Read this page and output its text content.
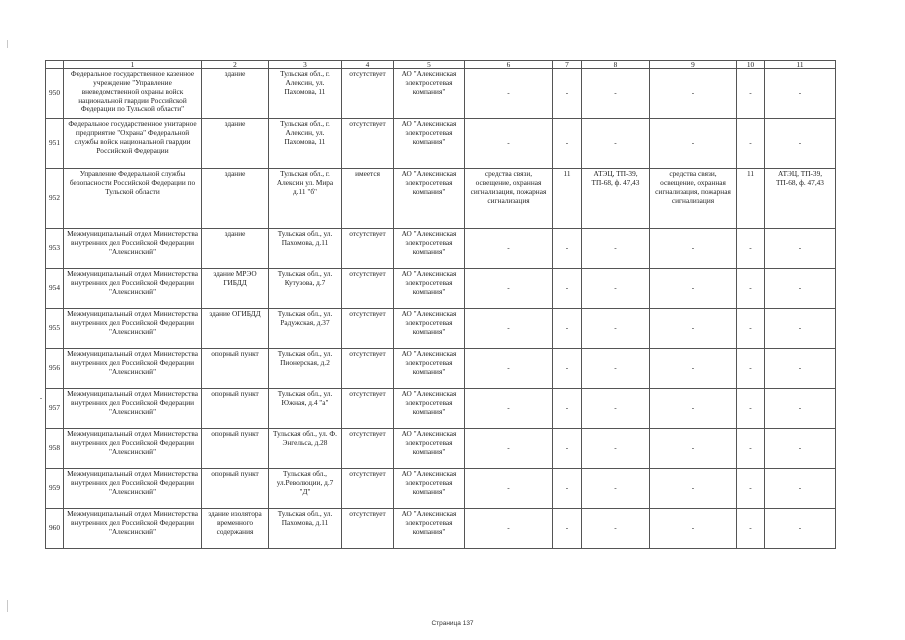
	1	2	3	4	5	6	7	8	9	10	11
950	Федеральное государственное казенное учреждение "Управление вневедомственной охраны войск национальной гвардии Российской Федерации по Тульской области"	здание	Тульская обл., г. Алексин, ул. Пахомова, 11	отсутствует	АО "Алексинская электросетевая компания"	-	-	-	-	-	-
951	Федеральное государственное унитарное предприятие "Охрана" Федеральной службы войск национальной гвардии Российской Федерации	здание	Тульская обл., г. Алексин, ул. Пахомова, 11	отсутствует	АО "Алексинская электросетевая компания"	-	-	-	-	-	-
952	Управление Федеральной службы безопасности Российской Федерации по Тульской области	здание	Тульская обл., г. Алексин ул. Мира д.11 "б"	имеется	АО "Алексинская электросетевая компания"	средства связи, освещение, охранная сигнализация, пожарная сигнализация	11	АТЭЦ, ТП-39, ТП-68, ф. 47,43	средства связи, освещение, охранная сигнализация, пожарная сигнализация	11	АТЭЦ, ТП-39, ТП-68, ф. 47,43
953	Межмуниципальный отдел Министерства внутренних дел Российской Федерации "Алексинский"	здание	Тульская обл., ул. Пахомова, д.11	отсутствует	АО "Алексинская электросетевая компания"	-	-	-	-	-	-
954	Межмуниципальный отдел Министерства внутренних дел Российской Федерации "Алексинский"	здание МРЭО ГИБДД	Тульская обл., ул. Кутузова, д.7	отсутствует	АО "Алексинская электросетевая компания"	-	-	-	-	-	-
955	Межмуниципальный отдел Министерства внутренних дел Российской Федерации "Алексинский"	здание ОГИБДД	Тульская обл., ул. Радужская, д.37	отсутствует	АО "Алексинская электросетевая компания"	-	-	-	-	-	-
956	Межмуниципальный отдел Министерства внутренних дел Российской Федерации "Алексинский"	опорный пункт	Тульская обл., ул. Пионерская, д.2	отсутствует	АО "Алексинская электросетевая компания"	-	-	-	-	-	-
957	Межмуниципальный отдел Министерства внутренних дел Российской Федерации "Алексинский"	опорный пункт	Тульская обл., ул. Южная, д.4 "а"	отсутствует	АО "Алексинская электросетевая компания"	-	-	-	-	-	-
958	Межмуниципальный отдел Министерства внутренних дел Российской Федерации "Алексинский"	опорный пункт	Тульская обл., ул. Ф. Энгельса, д.28	отсутствует	АО "Алексинская электросетевая компания"	-	-	-	-	-	-
959	Межмуниципальный отдел Министерства внутренних дел Российской Федерации "Алексинский"	опорный пункт	Тульская обл., ул.Революции, д.7 "Д"	отсутствует	АО "Алексинская электросетевая компания"	-	-	-	-	-	-
960	Межмуниципальный отдел Министерства внутренних дел Российской Федерации "Алексинский"	здание изолятора временного содержания	Тульская обл., ул. Пахомова, д.11	отсутствует	АО "Алексинская электросетевая компания"	-	-	-	-	-	-
Страница 137
